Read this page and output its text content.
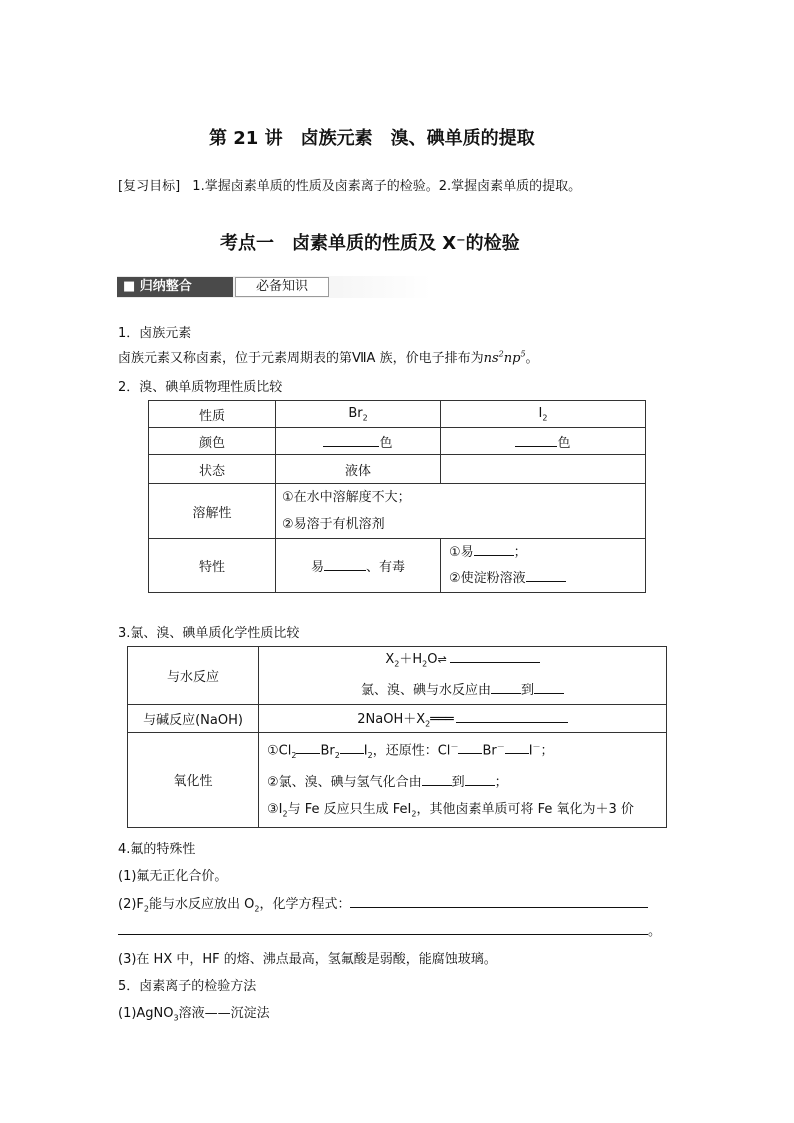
第 21 讲　卤族元素　溴、碘单质的提取
[复习目标] 1.掌握卤素单质的性质及卤素离子的检验。2.掌握卤素单质的提取。
考点一　卤素单质的性质及 X⁻的检验
■ 归纳整合	必备知识
1．卤族元素
卤族元素又称卤素，位于元素周期表的第ⅦA 族，价电子排布为$ns^2np^5$。
2．溴、碘单质物理性质比较
性质	$Br_2$	$I_2$
颜色	色	色
状态	液体	
溶解性	①在水中溶解度不大；
②易溶于有机溶剂	

特性	易 、有毒	①易 ；
②使淀粉溶液
3.氯、溴、碘单质化学性质比较
与水反应	$X_2+H_2O\rightleftharpoons$
氯、溴、碘与水反应由 到

与碱反应(NaOH)	$2NaOH+X_2═══$
氧化性	$①Cl_2$ $Br_2$ $I_2$，还原性：Cl－ Br－ I－；
②氯、溴、碘与氢气化合由 到 ；
$③I_2$与 Fe 反应只生成 FeI$_2$，其他卤素单质可将 Fe 氧化为＋3 价
4.氟的特殊性
(1)氟无正化合价。
$(2)F_2$能与水反应放出 $O_2$，化学方程式：
。
(3)在 HX 中，HF 的熔、沸点最高，氢氟酸是弱酸，能腐蚀玻璃。
5．卤素离子的检验方法
(1)AgNO$_3$溶液——沉淀法
